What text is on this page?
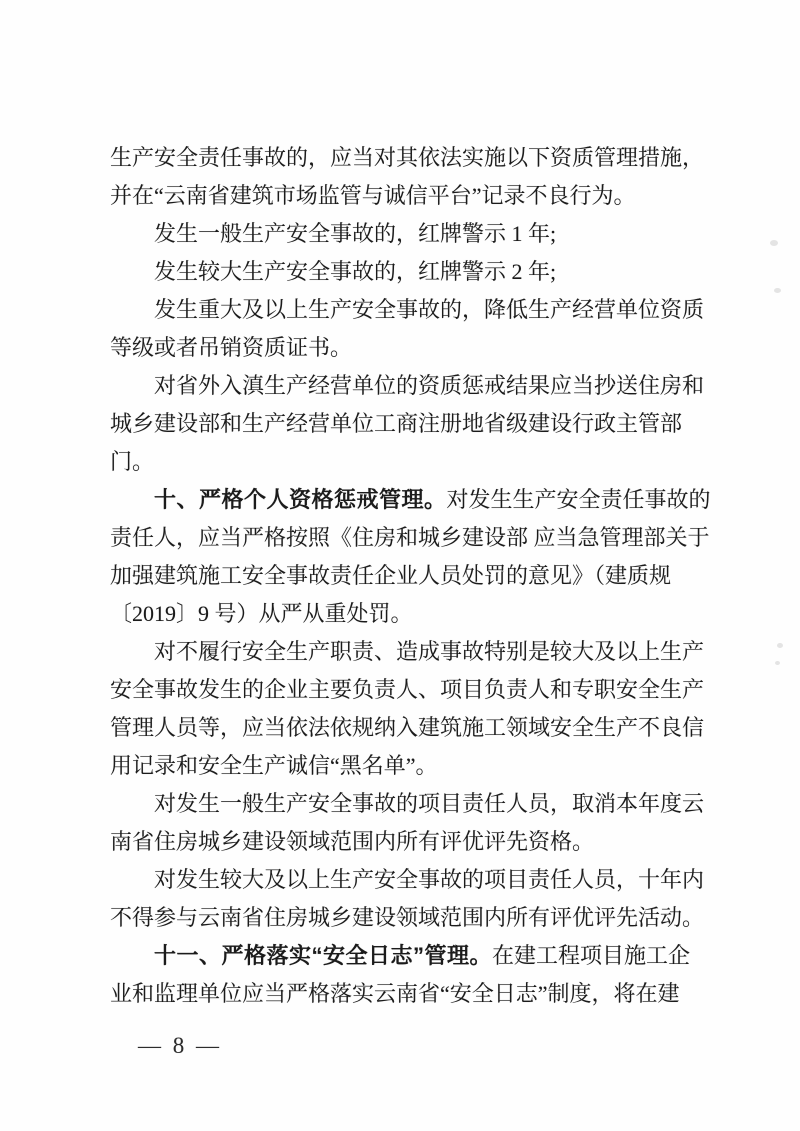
生产安全责任事故的，应当对其依法实施以下资质管理措施，
并在“云南省建筑市场监管与诚信平台”记录不良行为。
发生一般生产安全事故的，红牌警示 1 年;
发生较大生产安全事故的，红牌警示 2 年;
发生重大及以上生产安全事故的，降低生产经营单位资质
等级或者吊销资质证书。
对省外入滇生产经营单位的资质惩戒结果应当抄送住房和
城乡建设部和生产经营单位工商注册地省级建设行政主管部
门。
十、严格个人资格惩戒管理。对发生生产安全责任事故的
责任人，应当严格按照《住房和城乡建设部 应当急管理部关于
加强建筑施工安全事故责任企业人员处罚的意见》（建质规
〔2019〕9 号）从严从重处罚。
对不履行安全生产职责、造成事故特别是较大及以上生产
安全事故发生的企业主要负责人、项目负责人和专职安全生产
管理人员等，应当依法依规纳入建筑施工领域安全生产不良信
用记录和安全生产诚信“黑名单”。
对发生一般生产安全事故的项目责任人员，取消本年度云
南省住房城乡建设领域范围内所有评优评先资格。
对发生较大及以上生产安全事故的项目责任人员，十年内
不得参与云南省住房城乡建设领域范围内所有评优评先活动。
十一、严格落实“安全日志”管理。在建工程项目施工企
业和监理单位应当严格落实云南省“安全日志”制度，将在建
— 8 —
